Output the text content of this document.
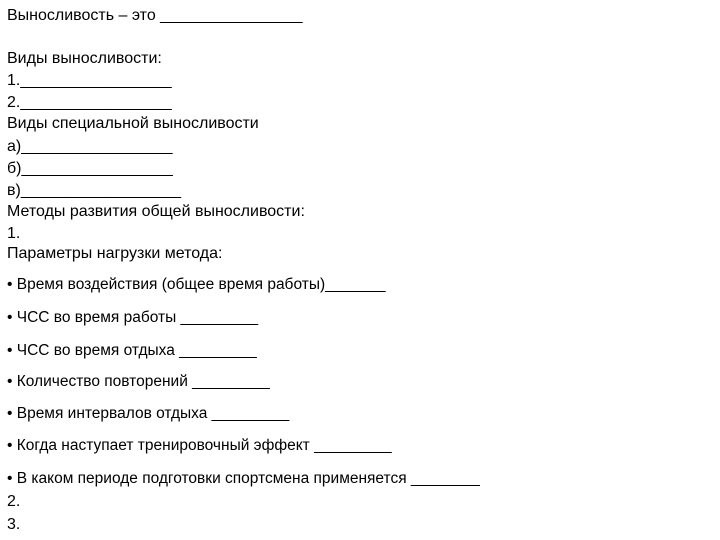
Выносливость – это ________________
Виды выносливости:
1._________________
2._________________
Виды специальной выносливости
а)_________________
б)_________________
в)__________________
Методы развития общей выносливости:
1.
Параметры нагрузки метода:
• Время воздействия (общее время работы)_______
• ЧСС во время работы _________
• ЧСС во время отдыха _________
• Количество повторений _________
• Время интервалов отдыха _________
• Когда наступает тренировочный эффект _________
• В каком периоде подготовки спортсмена применяется ________
2.
3.
